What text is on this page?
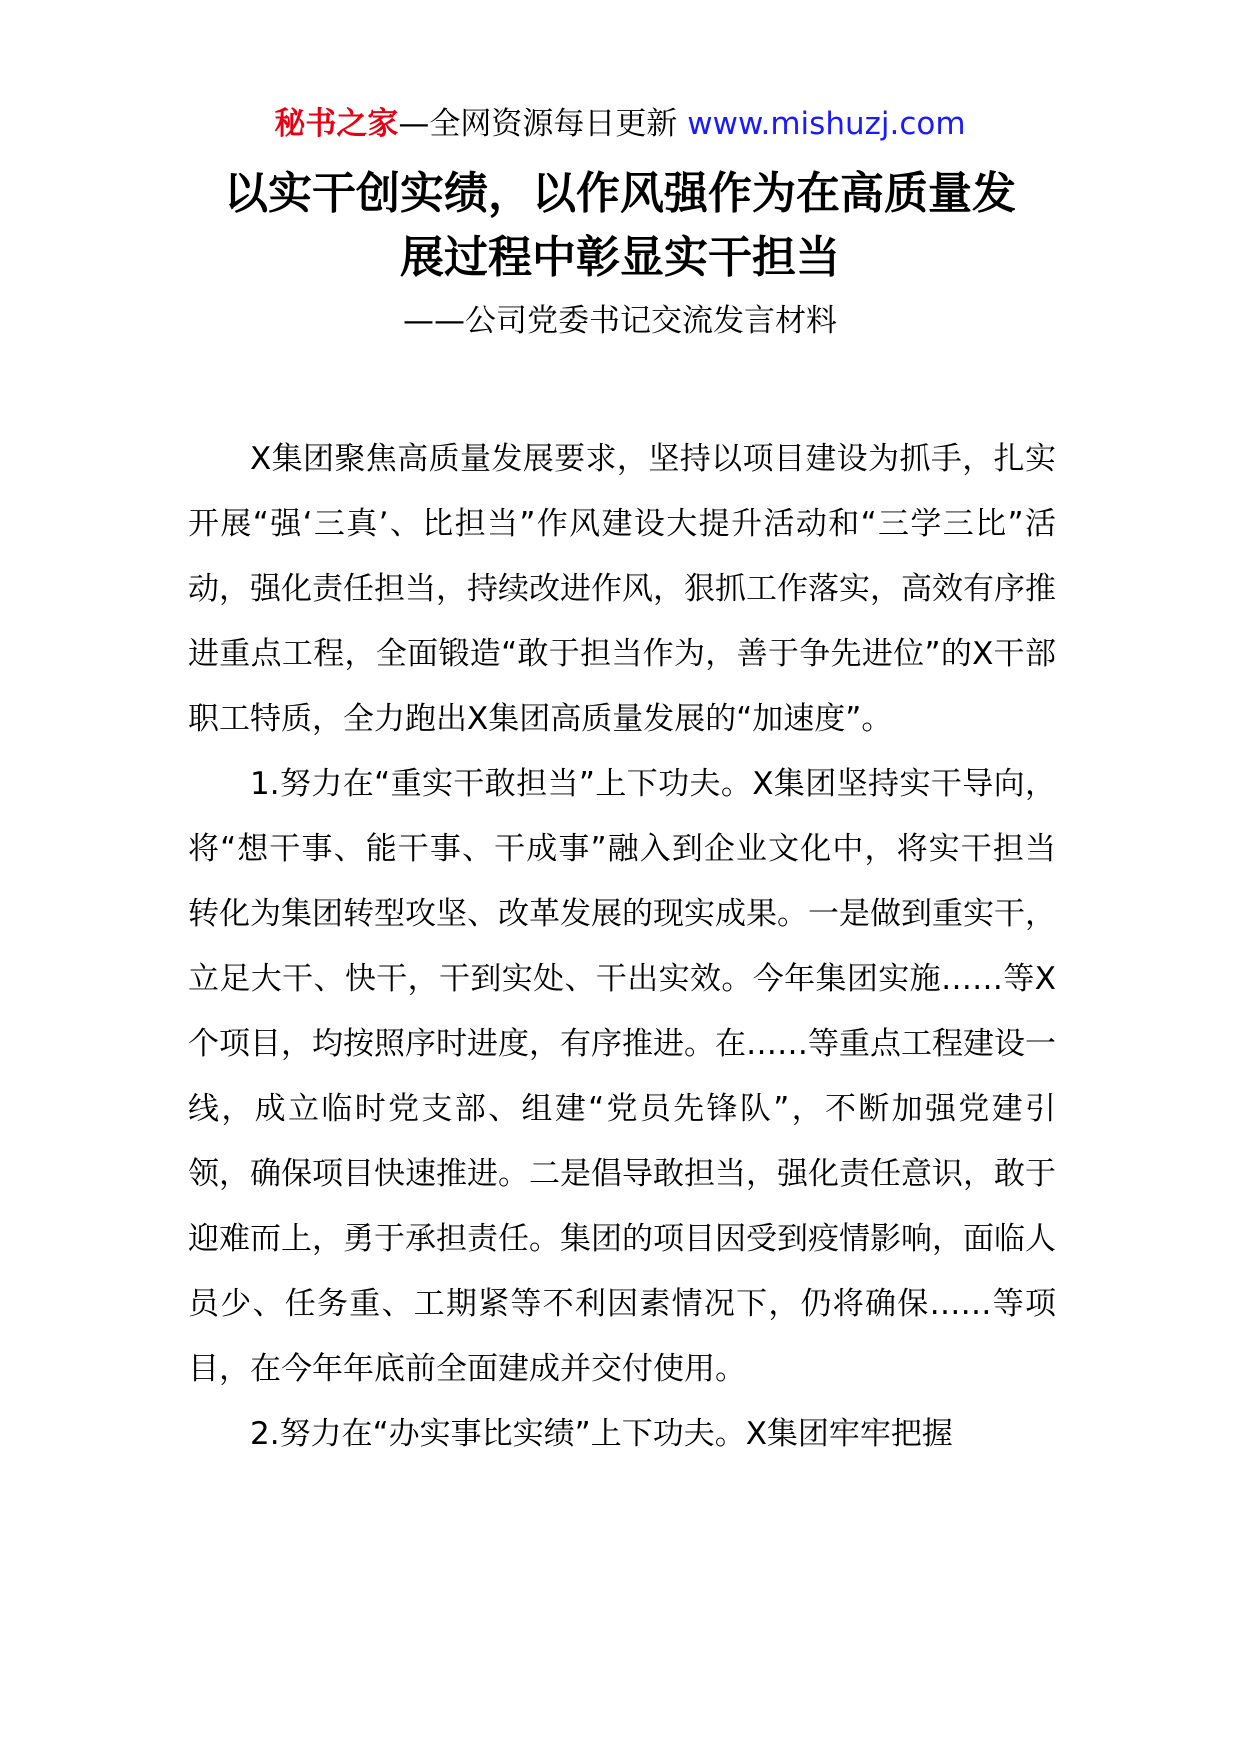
秘书之家—全网资源每日更新 www.mishuzj.com
以实干创实绩，以作风强作为在高质量发
展过程中彰显实干担当

——公司党委书记交流发言材料

X集团聚焦高质量发展要求，坚持以项目建设为抓手，扎实开展“强‘三真’、比担当”作风建设大提升活动和“三学三比”活动，强化责任担当，持续改进作风，狠抓工作落实，高效有序推进重点工程，全面锻造“敢于担当作为，善于争先进位”的X干部职工特质，全力跑出X集团高质量发展的“加速度”。

1.努力在“重实干敢担当”上下功夫。X集团坚持实干导向，将“想干事、能干事、干成事”融入到企业文化中，将实干担当转化为集团转型攻坚、改革发展的现实成果。一是做到重实干，立足大干、快干，干到实处、干出实效。今年集团实施……等X个项目，均按照序时进度，有序推进。在……等重点工程建设一线，成立临时党支部、组建“党员先锋队”，不断加强党建引领，确保项目快速推进。二是倡导敢担当，强化责任意识，敢于迎难而上，勇于承担责任。集团的项目因受到疫情影响，面临人员少、任务重、工期紧等不利因素情况下，仍将确保……等项目，在今年年底前全面建成并交付使用。

2.努力在“办实事比实绩”上下功夫。X集团牢牢把握
